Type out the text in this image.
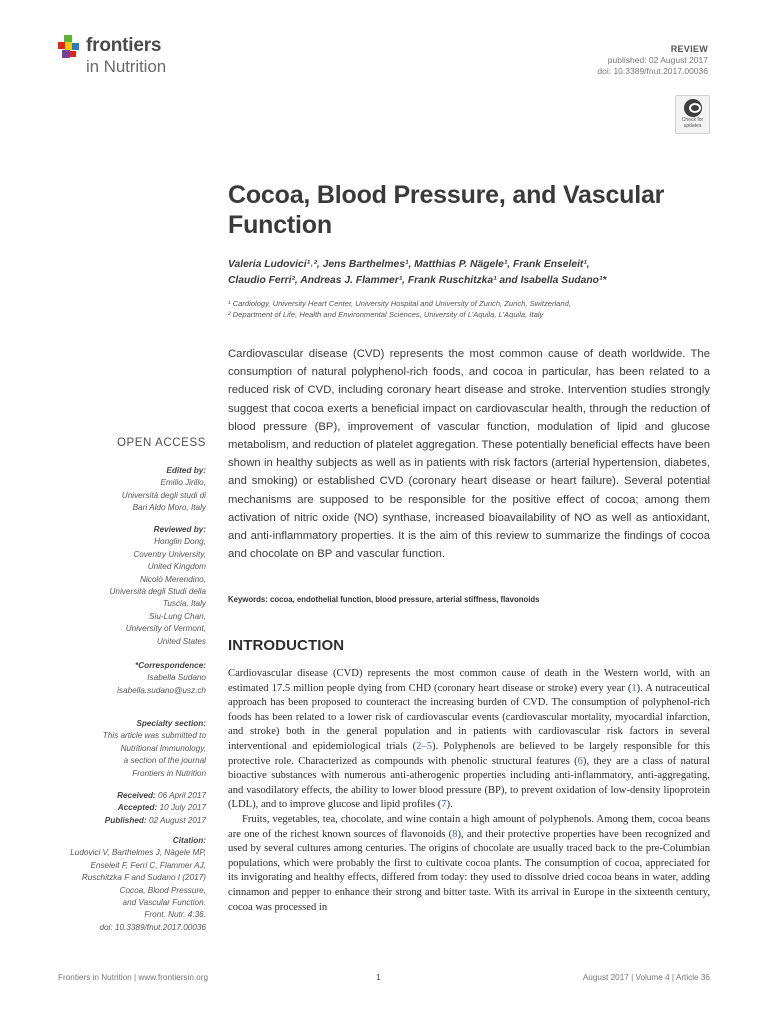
frontiers
in Nutrition
REVIEW
published: 02 August 2017
doi: 10.3389/fnut.2017.00036
Check for updates
Cocoa, Blood Pressure, and Vascular Function
Valeria Ludovici¹˒², Jens Barthelmes¹, Matthias P. Nägele¹, Frank Enseleit¹,
Claudio Ferri², Andreas J. Flammer¹, Frank Ruschitzka¹ and Isabella Sudano¹*
¹ Cardiology, University Heart Center, University Hospital and University of Zurich, Zurich, Switzerland,
² Department of Life, Health and Environmental Sciences, University of L’Aquila, L’Aquila, Italy
Cardiovascular disease (CVD) represents the most common cause of death worldwide. The consumption of natural polyphenol-rich foods, and cocoa in particular, has been related to a reduced risk of CVD, including coronary heart disease and stroke. Intervention studies strongly suggest that cocoa exerts a beneficial impact on cardiovascular health, through the reduction of blood pressure (BP), improvement of vascular function, modulation of lipid and glucose metabolism, and reduction of platelet aggregation. These potentially beneficial effects have been shown in healthy subjects as well as in patients with risk factors (arterial hypertension, diabetes, and smoking) or established CVD (coronary heart disease or heart failure). Several potential mechanisms are supposed to be responsible for the positive effect of cocoa; among them activation of nitric oxide (NO) synthase, increased bioavailability of NO as well as antioxidant, and anti-inflammatory properties. It is the aim of this review to summarize the findings of cocoa and chocolate on BP and vascular function.
Keywords: cocoa, endothelial function, blood pressure, arterial stiffness, flavonoids
INTRODUCTION

Cardiovascular disease (CVD) represents the most common cause of death in the Western world, with an estimated 17.5 million people dying from CHD (coronary heart disease or stroke) every year (1). A nutraceutical approach has been proposed to counteract the increasing burden of CVD. The consumption of polyphenol-rich foods has been related to a lower risk of cardiovascular events (cardiovascular mortality, myocardial infarction, and stroke) both in the general population and in patients with cardiovascular risk factors in several interventional and epidemiological trials (2–5). Polyphenols are believed to be largely responsible for this protective role. Characterized as compounds with phenolic structural features (6), they are a class of natural bioactive substances with numerous anti-atherogenic properties including anti-inflammatory, anti-aggregating, and vasodilatory effects, the ability to lower blood pressure (BP), to prevent oxidation of low-density lipoprotein (LDL), and to improve glucose and lipid profiles (7).

Fruits, vegetables, tea, chocolate, and wine contain a high amount of polyphenols. Among them, cocoa beans are one of the richest known sources of flavonoids (8), and their protective properties have been recognized and used by several cultures among centuries. The origins of chocolate are usually traced back to the pre-Columbian populations, which were probably the first to cultivate cocoa plants. The consumption of cocoa, appreciated for its invigorating and healthy effects, differed from today: they used to dissolve dried cocoa beans in water, adding cinnamon and pepper to enhance their strong and bitter taste. With its arrival in Europe in the sixteenth century, cocoa was processed in

OPEN ACCESS
Edited by:
Emilio Jirillo,
Università degli studi di
Bari Aldo Moro, Italy
Reviewed by:
Honglin Dong,
Coventry University,
United Kingdom
Nicolò Merendino,
Università degli Studi della
Tuscia, Italy
Siu-Lung Chan,
University of Vermont,
United States
*Correspondence:
Isabella Sudano
isabella.sudano@usz.ch
Specialty section:
This article was submitted to
Nutritional Immunology,
a section of the journal
Frontiers in Nutrition
Received: 06 April 2017
Accepted: 10 July 2017
Published: 02 August 2017
Citation:
Ludovici V, Barthelmes J, Nägele MP,
Enseleit F, Ferri C, Flammer AJ,
Ruschitzka F and Sudano I (2017)
Cocoa, Blood Pressure,
and Vascular Function.
Front. Nutr. 4:36.
doi: 10.3389/fnut.2017.00036
Frontiers in Nutrition | www.frontiersin.org	1	August 2017 | Volume 4 | Article 36
